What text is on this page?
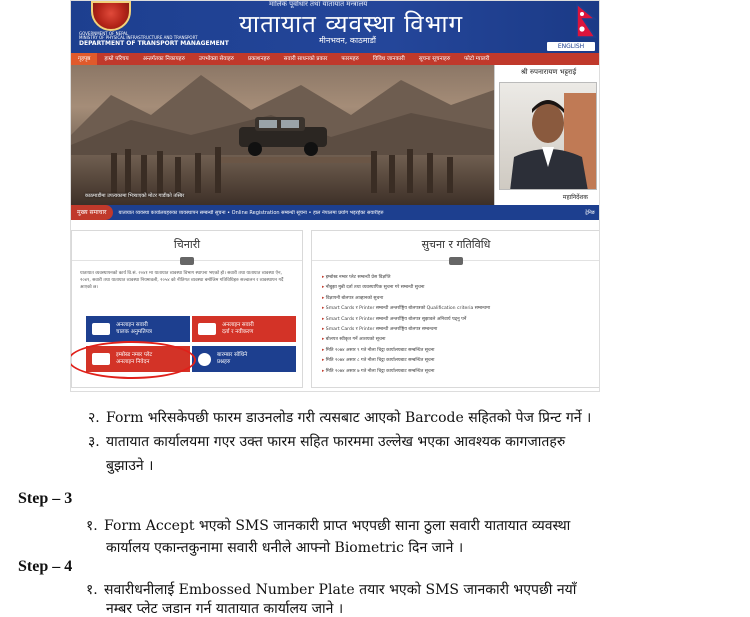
मालिक पूर्वाधार तथा यातायात मन्त्रालय
यातायात व्यवस्था विभाग
मीनभवन, काठमाडौं
GOVERNMENT OF NEPAL
MINISTRY OF PHYSICAL INFRASTRUCTURE AND TRANSPORT
DEPARTMENT OF TRANSPORT MANAGEMENT	ENGLISH
गृहपृष्ठ	हाम्रो परिचय	अन्तर्गतका निकायहरु	उपभोक्ता सेवाहरु	प्रकाशनहरु	सवारी साधनको प्रकार	फारमहरु	विविध जानकारी	सूचना सूचनाहरु	फोटो ग्यालरी
काठमाडौंमा उपत्यकामा भित्र्याएको मोटर गाडीको तस्बिर
श्री रुपनारायण भट्टराई
महानिर्देशक
मुख्य समाचार	यातायात व्यवस्था कार्यालयहरुका व्यवस्थापन सम्बन्धी सूचना • Online Registration सम्बन्धी सूचना • हाल नेपालमा प्रयोग भइरहेका सवारीहरु	ट्रेनिङ
चिनारी
यातायात व्यवस्थापनको कार्य वि.सं. २०४१ मा यातायात व्यवस्था विभाग स्थापना भएको हो। सवारी तथा यातायात व्यवस्था ऐन, २०४९, सवारी तथा यातायात व्यवस्था नियमावली, २०५४ को नीतिगत व्यवस्था बमोजिम गतिविधिहरु सञ्चालन र व्यवस्थापन गर्दै आएको छ।
अनलाइन सवारी
चालक अनुमतिपत्र
अनलाइन सवारी
दर्ता र नवीकरण
इम्बोस्ड नम्बर प्लेट
अनलाइन निवेदन
बारम्बार सोधिने
प्रश्नहरु
सुचना र गतिविधि
▸ इम्बोस्ड नम्बर प्लेट सम्बन्धी प्रेस विज्ञप्ति
▸ नौबुझा मुन्नी दर्ता तथा व्यवस्थापिक सुचना गरे सम्बन्धी सुचना
▸ विज्ञापनी बोलपत्र आव्हानको सुचना
▸ Smart Cards र Printer सम्बन्धी अन्तर्राष्ट्रिय बोलपत्रको Qualification criteria सम्बन्धमा
▸ Smart Cards र Printer सम्बन्धी अन्तर्राष्ट्रिय बोलपत्र सुझावले अनिवार्य पढ्नु पर्ने
▸ Smart Cards र Printer सम्बन्धी अन्तर्राष्ट्रिय बोलपत्र सम्बन्धमा
▸ बोलपत्र स्वीकृत गर्ने आशयको सूचना
▸ मिति २०७४ असार ९ गते नौला चिट्ठा कार्यालयबाट सम्बन्धित सूचना
▸ मिति २०७४ असार ८ गते नौला चिट्ठा कार्यालयबाट सम्बन्धित सूचना
▸ मिति २०७४ असार ७ गते नौला चिट्ठा कार्यालयबाट सम्बन्धित सूचना
२. Form भरिसकेपछी फारम डाउनलोड गरी त्यसबाट आएको Barcode सहितको पेज प्रिन्ट गर्ने ।
३. यातायात कार्यालयमा गएर उक्त फारम सहित फारममा उल्लेख भएका आवश्यक कागजातहरु
बुझाउने ।
Step – 3
१. Form Accept भएको SMS जानकारी प्राप्त भएपछी साना ठुला सवारी यातायात व्यवस्था
कार्यालय एकान्तकुनामा सवारी धनीले आफ्नो Biometric दिन जाने ।
Step – 4
१. सवारीधनीलाई Embossed Number Plate तयार भएको SMS जानकारी भएपछी नयाँ
नम्बर प्लेट जडान गर्न यातायात कार्यालय जाने ।
